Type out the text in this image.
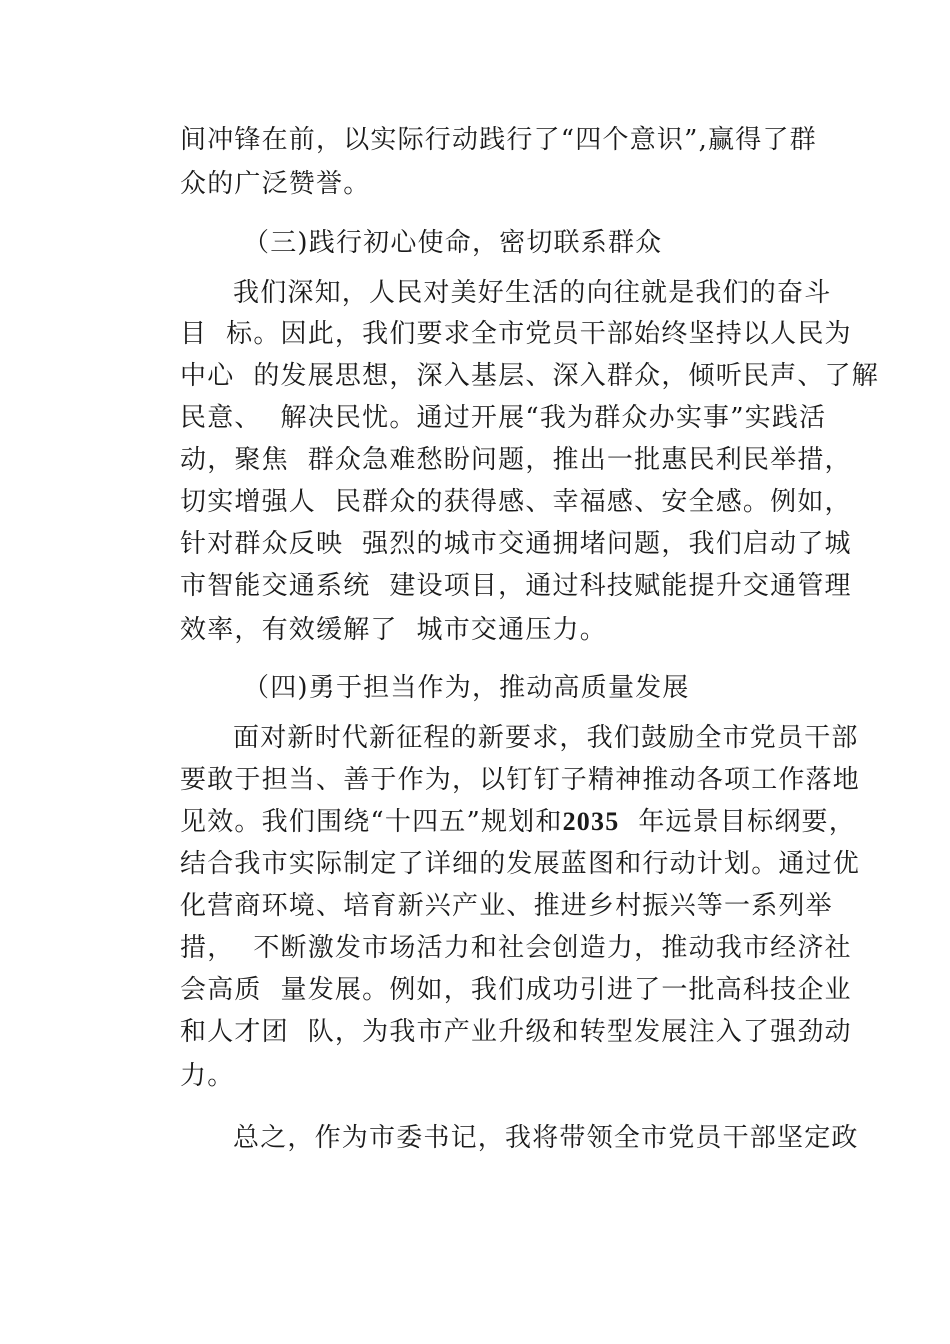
间冲锋在前，以实际行动践行了“四个意识”,赢得了群
众的广泛赞誉。
（三)践行初心使命，密切联系群众
我们深知，人民对美好生活的向往就是我们的奋斗
目  标。因此，我们要求全市党员干部始终坚持以人民为
中心  的发展思想，深入基层、深入群众，倾听民声、了解
民意、  解决民忧。通过开展“我为群众办实事”实践活
动，聚焦  群众急难愁盼问题，推出一批惠民利民举措，
切实增强人  民群众的获得感、幸福感、安全感。例如，
针对群众反映  强烈的城市交通拥堵问题，我们启动了城
市智能交通系统  建设项目，通过科技赋能提升交通管理
效率，有效缓解了  城市交通压力。
（四)勇于担当作为，推动高质量发展
面对新时代新征程的新要求，我们鼓励全市党员干部
要敢于担当、善于作为，以钉钉子精神推动各项工作落地
见效。我们围绕“十四五”规划和2035  年远景目标纲要，
结合我市实际制定了详细的发展蓝图和行动计划。通过优
化营商环境、培育新兴产业、推进乡村振兴等一系列举
措，  不断激发市场活力和社会创造力，推动我市经济社
会高质  量发展。例如，我们成功引进了一批高科技企业
和人才团  队，为我市产业升级和转型发展注入了强劲动
力。
总之，作为市委书记，我将带领全市党员干部坚定政
